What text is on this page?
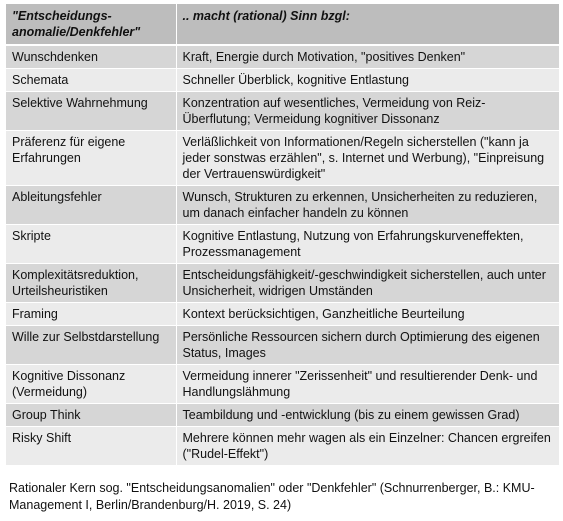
"Entscheidungs-anomalie/Denkfehler"	.. macht (rational) Sinn bzgl:
Wunschdenken	Kraft, Energie durch Motivation, "positives Denken"
Schemata	Schneller Überblick, kognitive Entlastung
Selektive Wahrnehmung	Konzentration auf wesentliches, Vermeidung von Reiz-Überflutung; Vermeidung kognitiver Dissonanz
Präferenz für eigene Erfahrungen	Verläßlichkeit von Informationen/Regeln sicherstellen ("kann ja jeder sonstwas erzählen", s. Internet und Werbung), "Einpreisung der Vertrauenswürdigkeit"
Ableitungsfehler	Wunsch, Strukturen zu erkennen, Unsicherheiten zu reduzieren, um danach einfacher handeln zu können
Skripte	Kognitive Entlastung, Nutzung von Erfahrungskurveneffekten, Prozessmanagement
Komplexitätsreduktion, Urteilsheuristiken	Entscheidungsfähigkeit/-geschwindigkeit sicherstellen, auch unter Unsicherheit, widrigen Umständen
Framing	Kontext berücksichtigen, Ganzheitliche Beurteilung
Wille zur Selbstdarstellung	Persönliche Ressourcen sichern durch Optimierung des eigenen Status, Images
Kognitive Dissonanz (Vermeidung)	Vermeidung innerer "Zerissenheit" und resultierender Denk- und Handlungslähmung
Group Think	Teambildung und -entwicklung (bis zu einem gewissen Grad)
Risky Shift	Mehrere können mehr wagen als ein Einzelner: Chancen ergreifen ("Rudel-Effekt")
Rationaler Kern sog. "Entscheidungsanomalien" oder "Denkfehler" (Schnurrenberger, B.: KMU-Management I, Berlin/Brandenburg/H. 2019, S. 24)
